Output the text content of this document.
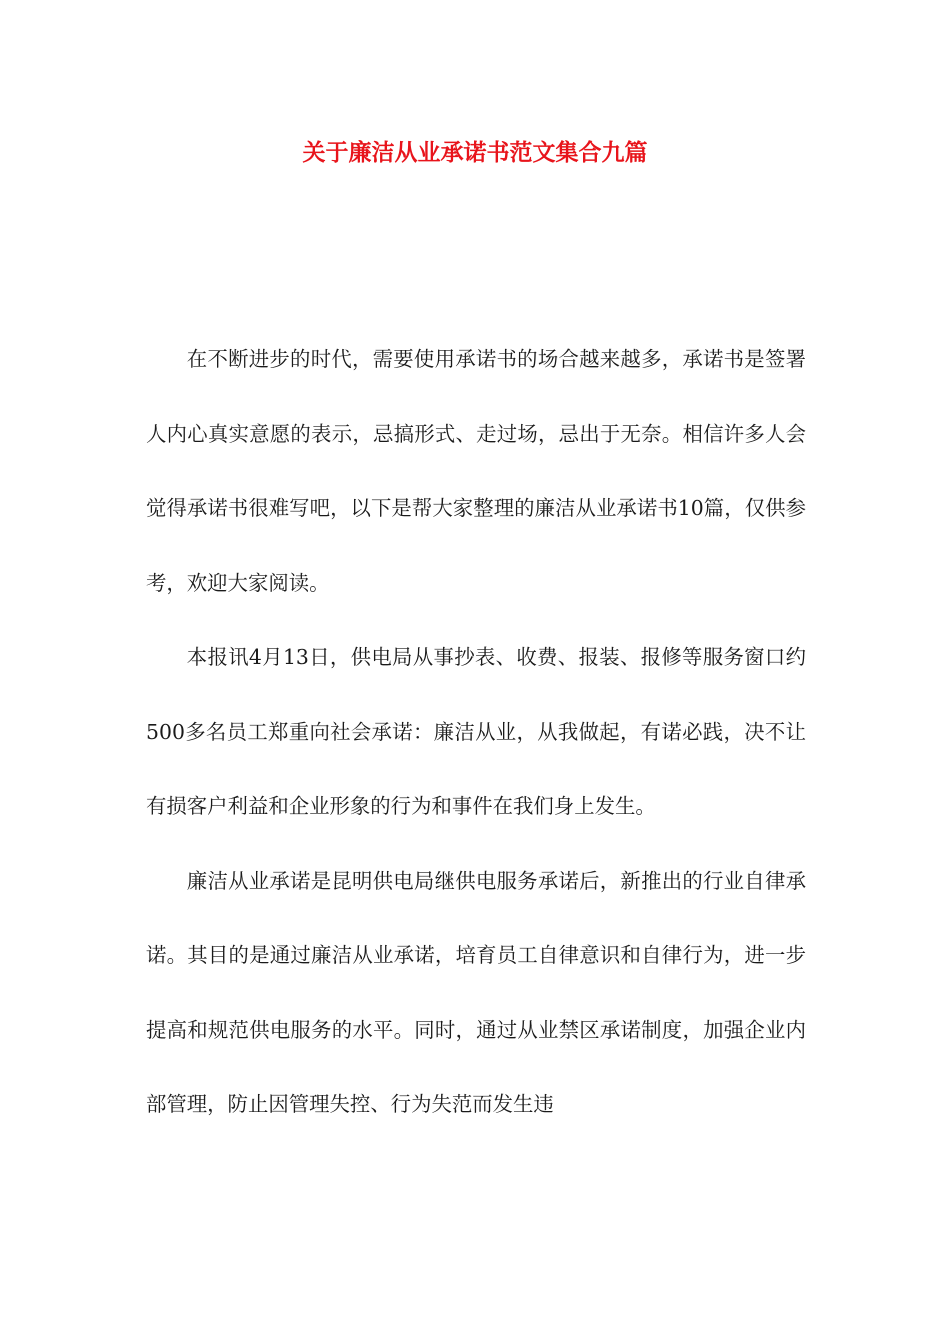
关于廉洁从业承诺书范文集合九篇

在不断进步的时代，需要使用承诺书的场合越来越多，承诺书是签署人内心真实意愿的表示，忌搞形式、走过场，忌出于无奈。相信许多人会觉得承诺书很难写吧，以下是帮大家整理的廉洁从业承诺书10篇，仅供参考，欢迎大家阅读。

本报讯4月13日，供电局从事抄表、收费、报装、报修等服务窗口约500多名员工郑重向社会承诺：廉洁从业，从我做起，有诺必践，决不让有损客户利益和企业形象的行为和事件在我们身上发生。

廉洁从业承诺是昆明供电局继供电服务承诺后，新推出的行业自律承诺。其目的是通过廉洁从业承诺，培育员工自律意识和自律行为，进一步提高和规范供电服务的水平。同时，通过从业禁区承诺制度，加强企业内部管理，防止因管理失控、行为失范而发生违
